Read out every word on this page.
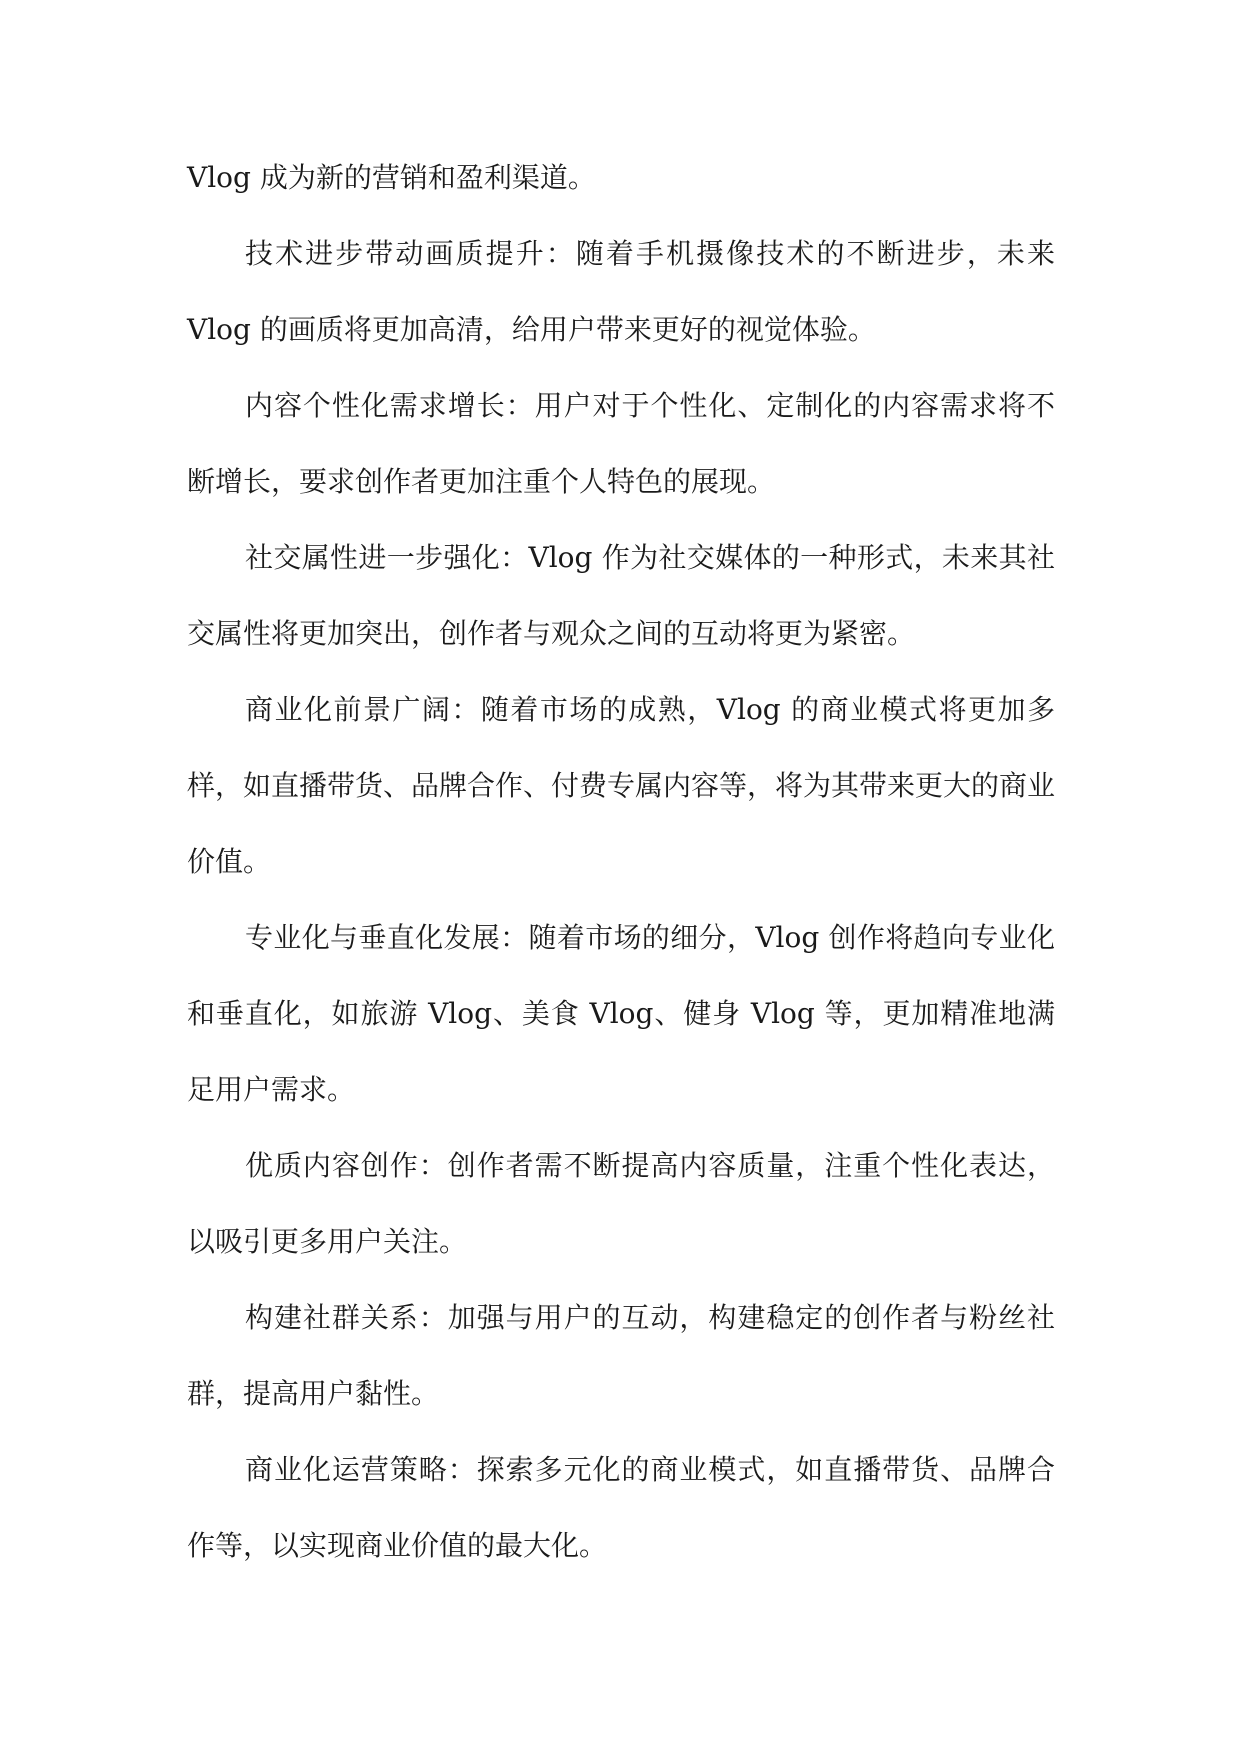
Vlog 成为新的营销和盈利渠道。

技术进步带动画质提升：随着手机摄像技术的不断进步，未来 Vlog 的画质将更加高清，给用户带来更好的视觉体验。

内容个性化需求增长：用户对于个性化、定制化的内容需求将不断增长，要求创作者更加注重个人特色的展现。

社交属性进一步强化：Vlog 作为社交媒体的一种形式，未来其社交属性将更加突出，创作者与观众之间的互动将更为紧密。

商业化前景广阔：随着市场的成熟，Vlog 的商业模式将更加多样，如直播带货、品牌合作、付费专属内容等，将为其带来更大的商业价值。

专业化与垂直化发展：随着市场的细分，Vlog 创作将趋向专业化和垂直化，如旅游 Vlog、美食 Vlog、健身 Vlog 等，更加精准地满足用户需求。

优质内容创作：创作者需不断提高内容质量，注重个性化表达，以吸引更多用户关注。

构建社群关系：加强与用户的互动，构建稳定的创作者与粉丝社群，提高用户黏性。

商业化运营策略：探索多元化的商业模式，如直播带货、品牌合作等，以实现商业价值的最大化。
